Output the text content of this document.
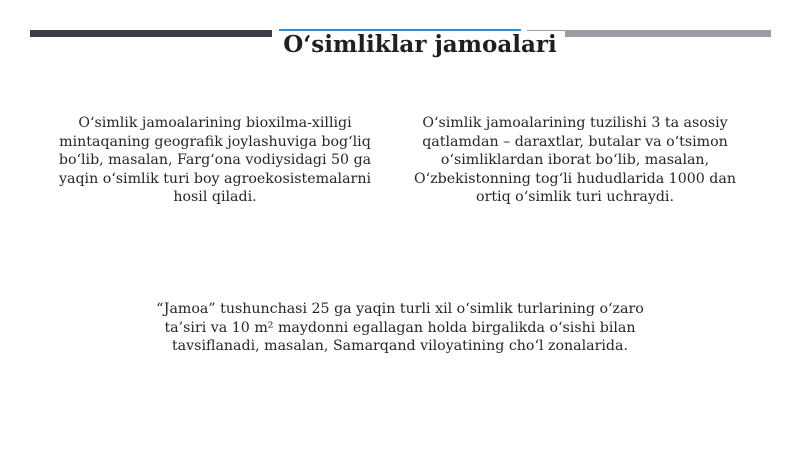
O‘simliklar jamoalari

O‘simlik jamoalarining bioxilma-xilligi mintaqaning geografik joylashuviga bog‘liq bo‘lib, masalan, Farg‘ona vodiysidagi 50 ga yaqin o‘simlik turi boy agroekosistemalarni hosil qiladi.

O‘simlik jamoalarining tuzilishi 3 ta asosiy qatlamdan – daraxtlar, butalar va o‘tsimon o‘simliklardan iborat bo‘lib, masalan, O‘zbekistonning tog‘li hududlarida 1000 dan ortiq o‘simlik turi uchraydi.

“Jamoa” tushunchasi 25 ga yaqin turli xil o‘simlik turlarining o‘zaro ta’siri va 10 m² maydonni egallagan holda birgalikda o‘sishi bilan tavsiflanadi, masalan, Samarqand viloyatining cho‘l zonalarida.
